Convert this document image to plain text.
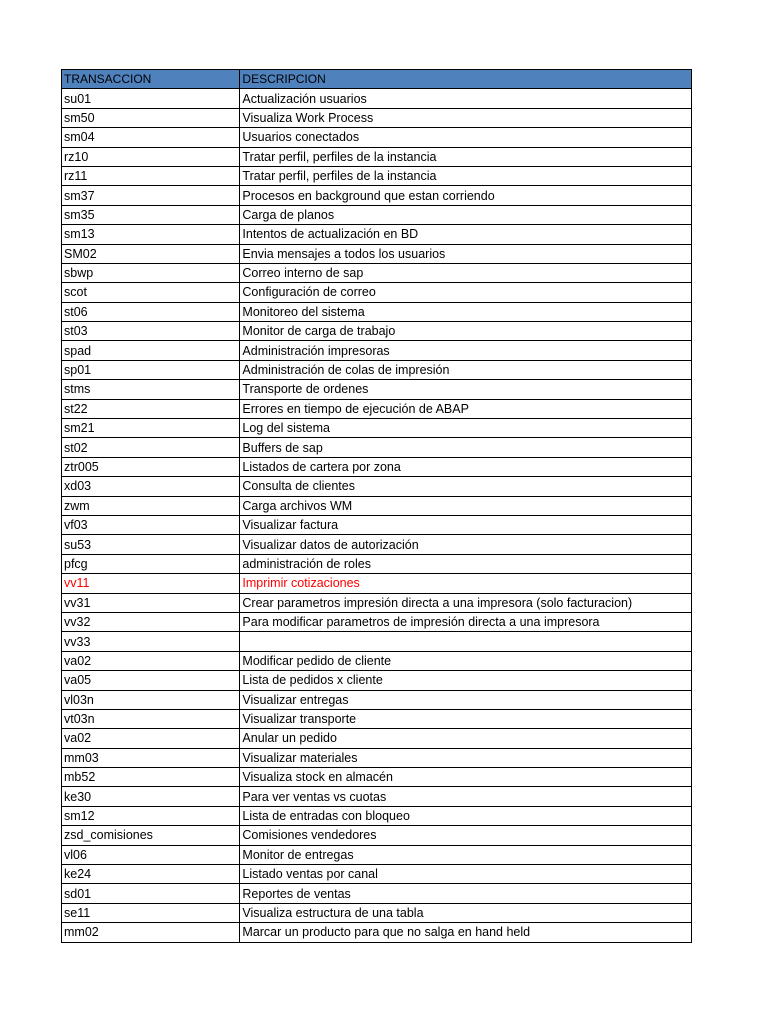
TRANSACCION	DESCRIPCION
su01	Actualización usuarios
sm50	Visualiza Work Process
sm04	Usuarios conectados
rz10	Tratar perfil, perfiles de la instancia
rz11	Tratar perfil, perfiles de la instancia
sm37	Procesos en background que estan corriendo
sm35	Carga de planos
sm13	Intentos de actualización en BD
SM02	Envia mensajes a todos los usuarios
sbwp	Correo interno de sap
scot	Configuración de correo
st06	Monitoreo del sistema
st03	Monitor de carga de trabajo
spad	Administración impresoras
sp01	Administración de colas de impresión
stms	Transporte de ordenes
st22	Errores en tiempo de ejecución de ABAP
sm21	Log del sistema
st02	Buffers de sap
ztr005	Listados de cartera por zona
xd03	Consulta de clientes
zwm	Carga archivos WM
vf03	Visualizar factura
su53	Visualizar datos de autorización
pfcg	administración de roles
vv11	Imprimir cotizaciones
vv31	Crear parametros impresión directa a una impresora (solo facturacion)
vv32	Para modificar parametros de impresión directa a una impresora
vv33	
va02	Modificar pedido de cliente
va05	Lista de pedidos x cliente
vl03n	Visualizar entregas
vt03n	Visualizar transporte
va02	Anular un pedido
mm03	Visualizar materiales
mb52	Visualiza stock en almacén
ke30	Para ver ventas vs cuotas
sm12	Lista de entradas con bloqueo
zsd_comisiones	Comisiones vendedores
vl06	Monitor de entregas
ke24	Listado ventas por canal
sd01	Reportes de ventas
se11	Visualiza estructura de una tabla
mm02	Marcar un producto para que no salga en hand held
